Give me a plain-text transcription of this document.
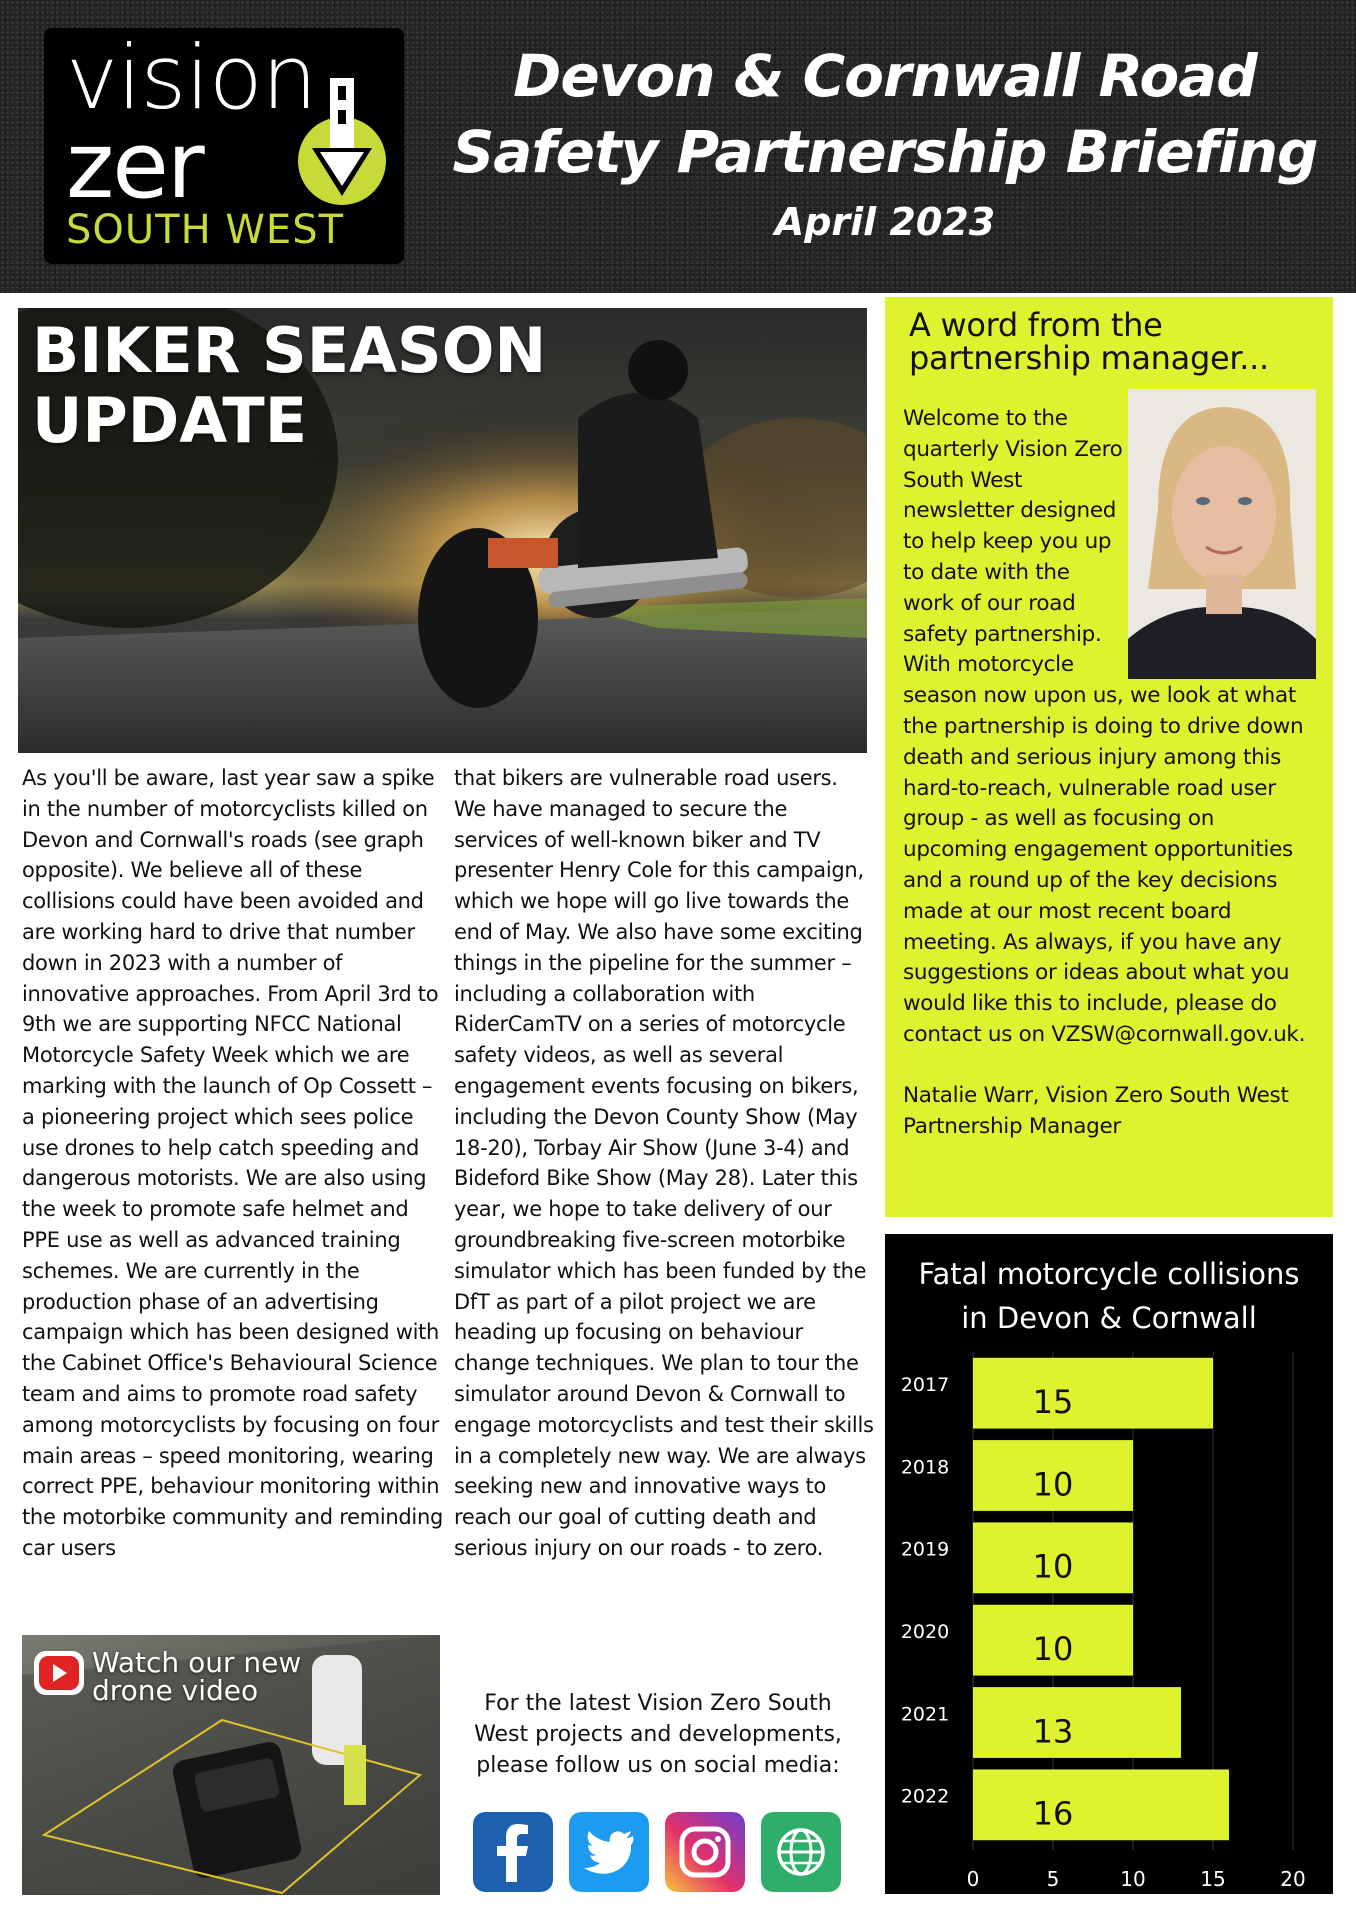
vision
zer
SOUTH WEST
Devon & Cornwall Road
Safety Partnership Briefing
April 2023
BIKER SEASON
UPDATE

As you'll be aware, last year saw a spike in the number of motorcyclists killed on Devon and Cornwall's roads (see graph opposite). We believe all of these collisions could have been avoided and are working hard to drive that number down in 2023 with a number of innovative approaches. From April 3rd to 9th we are supporting NFCC National Motorcycle Safety Week which we are marking with the launch of Op Cossett – a pioneering project which sees police use drones to help catch speeding and dangerous motorists. We are also using the week to promote safe helmet and PPE use as well as advanced training schemes. We are currently in the production phase of an advertising campaign which has been designed with the Cabinet Office's Behavioural Science team and aims to promote road safety among motorcyclists by focusing on four main areas – speed monitoring, wearing correct PPE, behaviour monitoring within the motorbike community and reminding car users

that bikers are vulnerable road users. We have managed to secure the services of well-known biker and TV presenter Henry Cole for this campaign, which we hope will go live towards the end of May. We also have some exciting things in the pipeline for the summer – including a collaboration with RiderCamTV on a series of motorcycle safety videos, as well as several engagement events focusing on bikers, including the Devon County Show (May 18-20), Torbay Air Show (June 3-4) and Bideford Bike Show (May 28). Later this year, we hope to take delivery of our groundbreaking five-screen motorbike simulator which has been funded by the DfT as part of a pilot project we are heading up focusing on behaviour change techniques. We plan to tour the simulator around Devon & Cornwall to engage motorcyclists and test their skills in a completely new way. We are always seeking new and innovative ways to reach our goal of cutting death and serious injury on our roads - to zero.

Watch our new
drone video	For the latest Vision Zero South West projects and developments, please follow us on social media:
A word from the
partnership manager...

Welcome to the quarterly Vision Zero South West newsletter designed to help keep you up to date with the work of our road safety partnership. With motorcycle season now upon us, we look at what the partnership is doing to drive down death and serious injury among this hard-to-reach, vulnerable road user group - as well as focusing on upcoming engagement opportunities and a round up of the key decisions made at our most recent board meeting. As always, if you have any suggestions or ideas about what you would like this to include, please do contact us on VZSW@cornwall.gov.uk.

Natalie Warr, Vision Zero South West Partnership Manager

Fatal motorcycle collisions
in Devon & Cornwall
2017	15
2018	10
2019	10
2020	10
2021	13
2022	16
0	5	10	15	20
